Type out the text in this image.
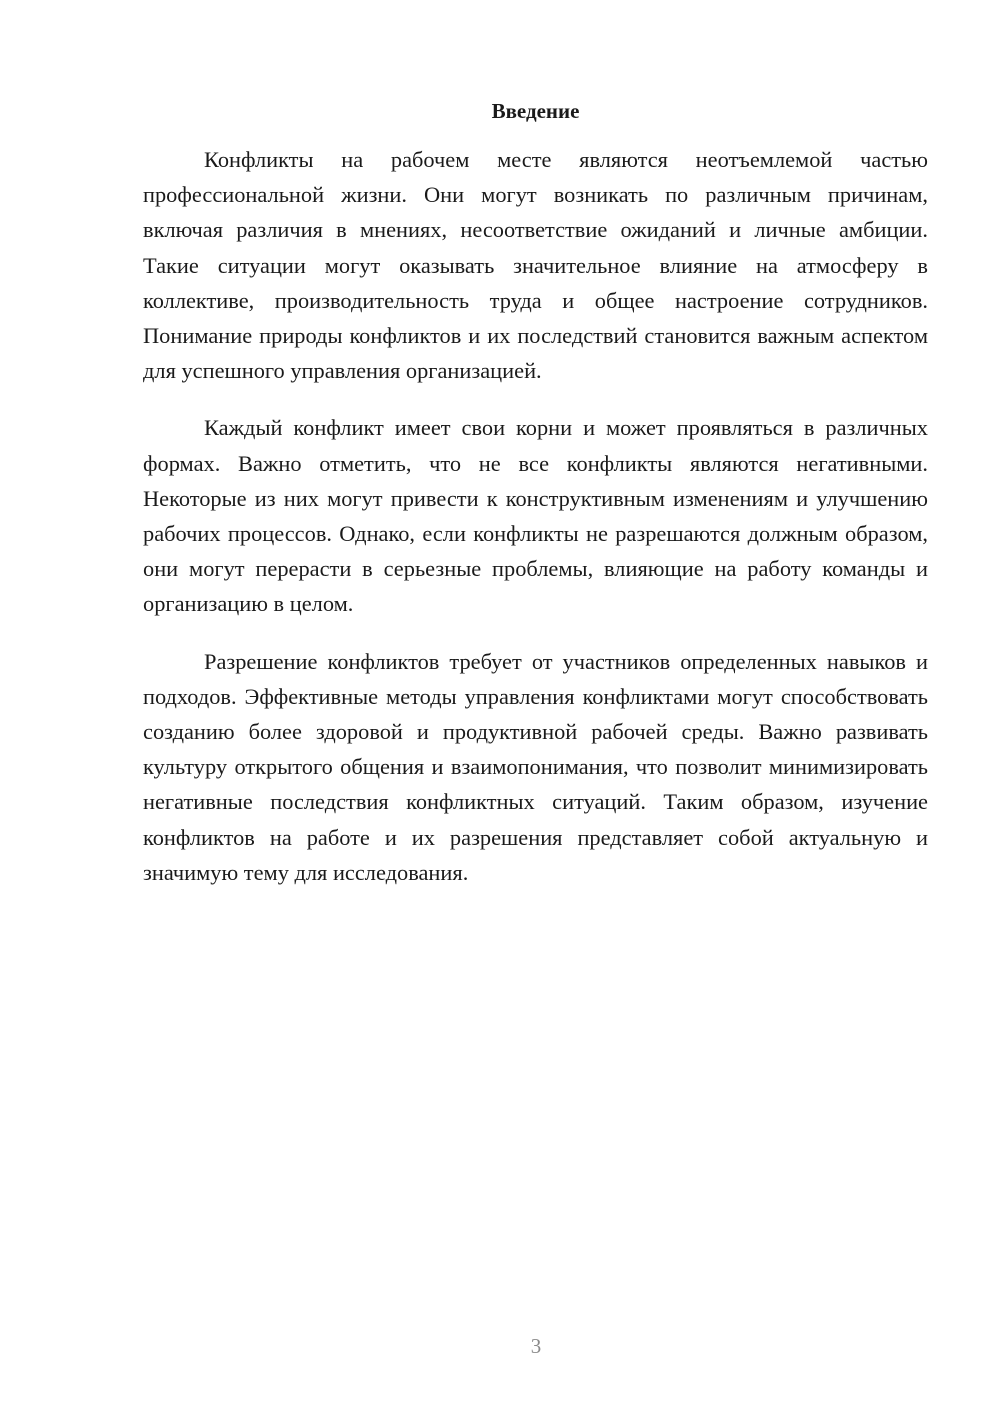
Введение

Конфликты на рабочем месте являются неотъемлемой частью профессиональной жизни. Они могут возникать по различным причинам, включая различия в мнениях, несоответствие ожиданий и личные амбиции. Такие ситуации могут оказывать значительное влияние на атмосферу в коллективе, производительность труда и общее настроение сотрудников. Понимание природы конфликтов и их последствий становится важным аспектом для успешного управления организацией.

Каждый конфликт имеет свои корни и может проявляться в различных формах. Важно отметить, что не все конфликты являются негативными. Некоторые из них могут привести к конструктивным изменениям и улучшению рабочих процессов. Однако, если конфликты не разрешаются должным образом, они могут перерасти в серьезные проблемы, влияющие на работу команды и организацию в целом.

Разрешение конфликтов требует от участников определенных навыков и подходов. Эффективные методы управления конфликтами могут способствовать созданию более здоровой и продуктивной рабочей среды. Важно развивать культуру открытого общения и взаимопонимания, что позволит минимизировать негативные последствия конфликтных ситуаций. Таким образом, изучение конфликтов на работе и их разрешения представляет собой актуальную и значимую тему для исследования.

3
